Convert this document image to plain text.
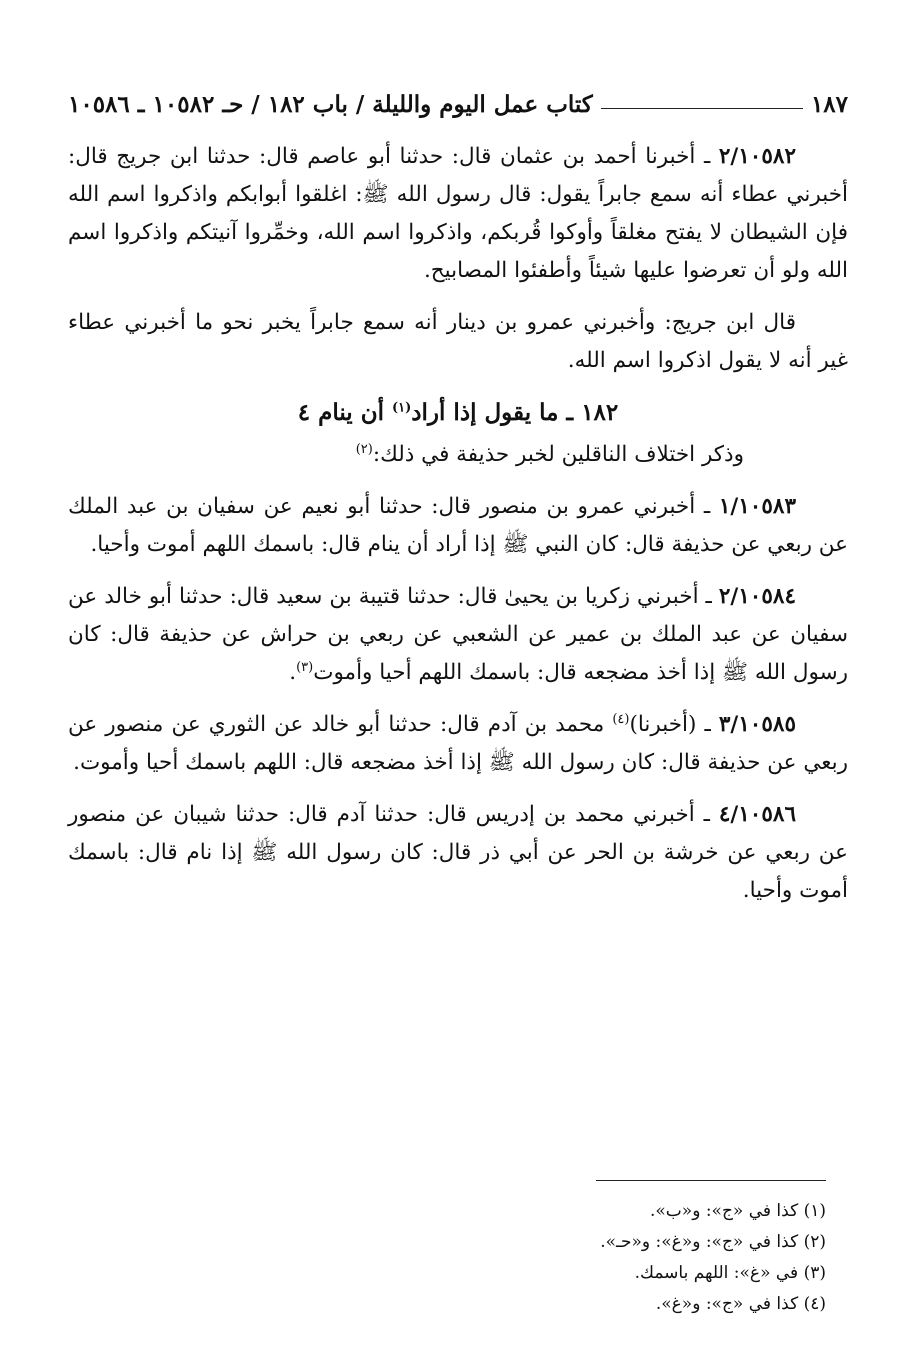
كتاب عمل اليوم والليلة / باب ١٨٢ / حـ ١٠٥٨٢ ـ ١٠٥٨٦	١٨٧

٢/١٠٥٨٢ ـ أخبرنا أحمد بن عثمان قال: حدثنا أبو عاصم قال: حدثنا ابن جريج قال: أخبرني عطاء أنه سمع جابراً يقول: قال رسول الله ﷺ: اغلقوا أبوابكم واذكروا اسم الله فإن الشيطان لا يفتح مغلقاً وأوكوا قُربكم، واذكروا اسم الله، وخمِّروا آنيتكم واذكروا اسم الله ولو أن تعرضوا عليها شيئاً وأطفئوا المصابيح.

قال ابن جريج: وأخبرني عمرو بن دينار أنه سمع جابراً يخبر نحو ما أخبرني عطاء غير أنه لا يقول اذكروا اسم الله.

١٨٢ ـ ما يقول إذا أراد$^{(١)}$ أن ينام ٤

وذكر اختلاف الناقلين لخبر حذيفة في ذلك:$^{(٢)}$

١/١٠٥٨٣ ـ أخبرني عمرو بن منصور قال: حدثنا أبو نعيم عن سفيان بن عبد الملك عن ربعي عن حذيفة قال: كان النبي ﷺ إذا أراد أن ينام قال: باسمك اللهم أموت وأحيا.

٢/١٠٥٨٤ ـ أخبرني زكريا بن يحيىٰ قال: حدثنا قتيبة بن سعيد قال: حدثنا أبو خالد عن سفيان عن عبد الملك بن عمير عن الشعبي عن ربعي بن حراش عن حذيفة قال: كان رسول الله ﷺ إذا أخذ مضجعه قال: باسمك اللهم أحيا وأموت$^{(٣)}$.

٣/١٠٥٨٥ ـ (أخبرنا)$^{(٤)}$ محمد بن آدم قال: حدثنا أبو خالد عن الثوري عن منصور عن ربعي عن حذيفة قال: كان رسول الله ﷺ إذا أخذ مضجعه قال: اللهم باسمك أحيا وأموت.

٤/١٠٥٨٦ ـ أخبرني محمد بن إدريس قال: حدثنا آدم قال: حدثنا شيبان عن منصور عن ربعي عن خرشة بن الحر عن أبي ذر قال: كان رسول الله ﷺ إذا نام قال: باسمك أموت وأحيا.

(١) كذا في «ج»: و«ب».

(٢) كذا في «ج»: و«غ»: و«حـ».

(٣) في «غ»: اللهم باسمك.

(٤) كذا في «ج»: و«غ».
